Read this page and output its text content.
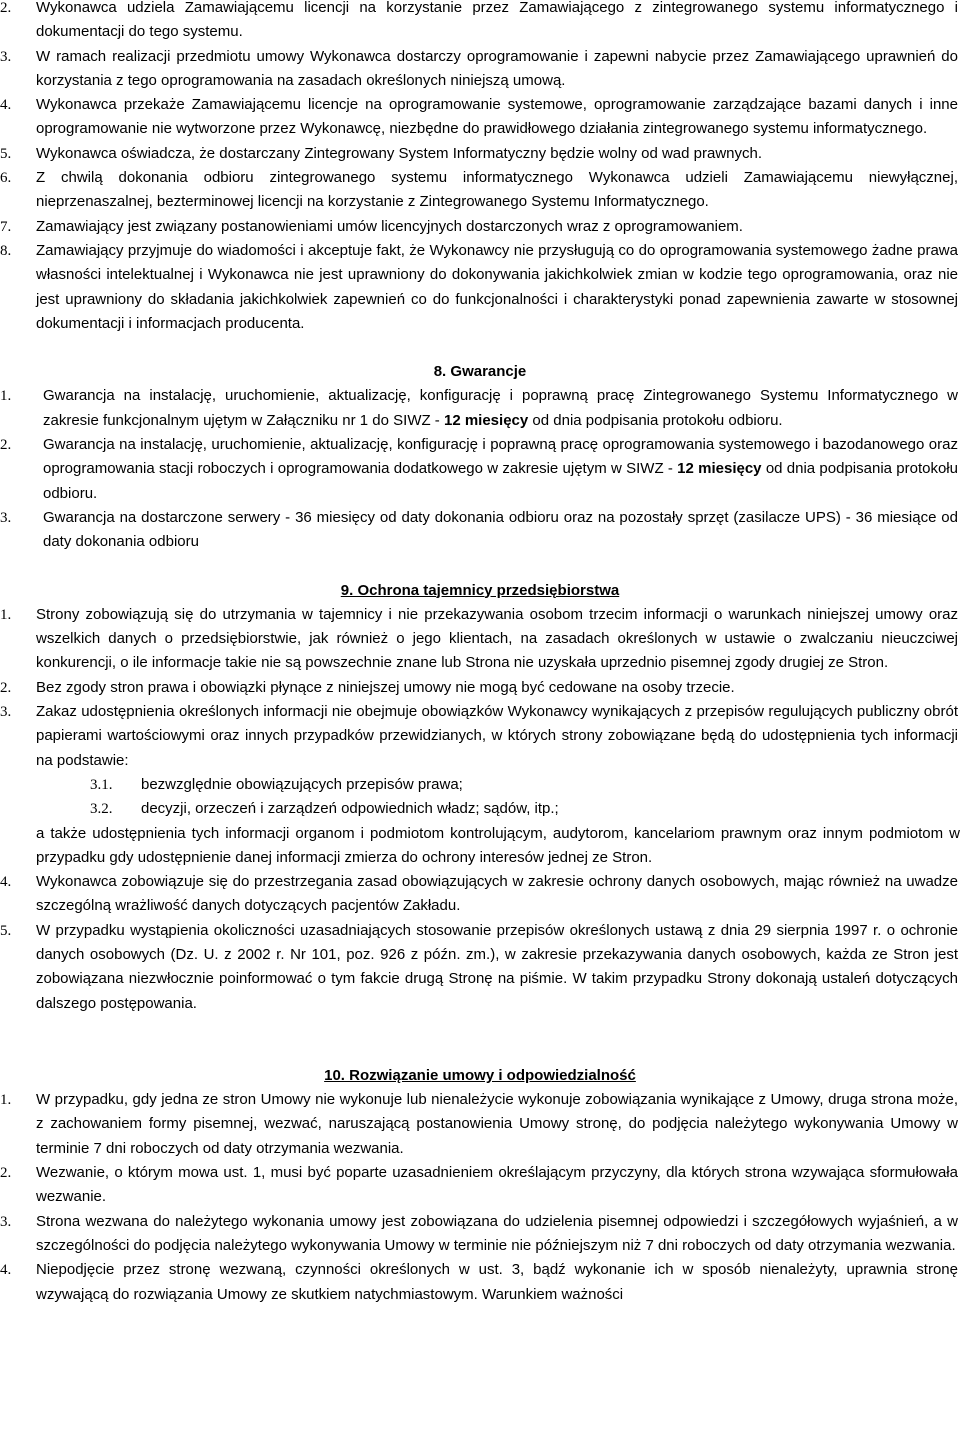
2. Wykonawca udziela Zamawiającemu licencji na korzystanie przez Zamawiającego z zintegrowanego systemu informatycznego i dokumentacji do tego systemu.
3. W ramach realizacji przedmiotu umowy Wykonawca dostarczy oprogramowanie i zapewni nabycie przez Zamawiającego uprawnień do korzystania z tego oprogramowania na zasadach określonych niniejszą umową.
4. Wykonawca przekaże Zamawiającemu licencje na oprogramowanie systemowe, oprogramowanie zarządzające bazami danych i inne oprogramowanie nie wytworzone przez Wykonawcę, niezbędne do prawidłowego działania zintegrowanego systemu informatycznego.
5. Wykonawca oświadcza, że dostarczany Zintegrowany System Informatyczny będzie wolny od wad prawnych.
6. Z chwilą dokonania odbioru zintegrowanego systemu informatycznego Wykonawca udzieli Zamawiającemu niewyłącznej, nieprzenaszalnej, bezterminowej licencji na korzystanie z Zintegrowanego Systemu Informatycznego.
7. Zamawiający jest związany postanowieniami umów licencyjnych dostarczonych wraz z oprogramowaniem.
8. Zamawiający przyjmuje do wiadomości i akceptuje fakt, że Wykonawcy nie przysługują co do oprogramowania systemowego żadne prawa własności intelektualnej i Wykonawca nie jest uprawniony do dokonywania jakichkolwiek zmian w kodzie tego oprogramowania, oraz nie jest uprawniony do składania jakichkolwiek zapewnień co do funkcjonalności i charakterystyki ponad zapewnienia zawarte w stosownej dokumentacji i informacjach producenta.

8. Gwarancje

1. Gwarancja na instalację, uruchomienie, aktualizację, konfigurację i poprawną pracę Zintegrowanego Systemu Informatycznego w zakresie funkcjonalnym ujętym w Załączniku nr 1 do SIWZ - 12 miesięcy od dnia podpisania protokołu odbioru.
2. Gwarancja na instalację, uruchomienie, aktualizację, konfigurację i poprawną pracę oprogramowania systemowego i bazodanowego oraz oprogramowania stacji roboczych i oprogramowania dodatkowego w zakresie ujętym w SIWZ - 12 miesięcy od dnia podpisania protokołu odbioru.
3. Gwarancja na dostarczone serwery - 36 miesięcy od daty dokonania odbioru oraz na pozostały sprzęt (zasilacze UPS) - 36 miesiące od daty dokonania odbioru

9. Ochrona tajemnicy przedsiębiorstwa

1. Strony zobowiązują się do utrzymania w tajemnicy i nie przekazywania osobom trzecim informacji o warunkach niniejszej umowy oraz wszelkich danych o przedsiębiorstwie, jak również o jego klientach, na zasadach określonych w ustawie o zwalczaniu nieuczciwej konkurencji, o ile informacje takie nie są powszechnie znane lub Strona nie uzyskała uprzednio pisemnej zgody drugiej ze Stron.
2. Bez zgody stron prawa i obowiązki płynące z niniejszej umowy nie mogą być cedowane na osoby trzecie.
3. Zakaz udostępnienia określonych informacji nie obejmuje obowiązków Wykonawcy wynikających z przepisów regulujących publiczny obrót papierami wartościowymi oraz innych przypadków przewidzianych, w których strony zobowiązane będą do udostępnienia tych informacji na podstawie:
3.1. bezwzględnie obowiązujących przepisów prawa;
3.2. decyzji, orzeczeń i zarządzeń odpowiednich władz; sądów, itp.;
a także udostępnienia tych informacji organom i podmiotom kontrolującym, audytorom, kancelariom prawnym oraz innym podmiotom w przypadku gdy udostępnienie danej informacji zmierza do ochrony interesów jednej ze Stron.
4. Wykonawca zobowiązuje się do przestrzegania zasad obowiązujących w zakresie ochrony danych osobowych, mając również na uwadze szczególną wrażliwość danych dotyczących pacjentów Zakładu.
5. W przypadku wystąpienia okoliczności uzasadniających stosowanie przepisów określonych ustawą z dnia 29 sierpnia 1997 r. o ochronie danych osobowych (Dz. U. z 2002 r. Nr 101, poz. 926 z późn. zm.), w zakresie przekazywania danych osobowych, każda ze Stron jest zobowiązana niezwłocznie poinformować o tym fakcie drugą Stronę na piśmie. W takim przypadku Strony dokonają ustaleń dotyczących dalszego postępowania.

10. Rozwiązanie umowy i odpowiedzialność

1. W przypadku, gdy jedna ze stron Umowy nie wykonuje lub nienależycie wykonuje zobowiązania wynikające z Umowy, druga strona może, z zachowaniem formy pisemnej, wezwać, naruszającą postanowienia Umowy stronę, do podjęcia należytego wykonywania Umowy w terminie 7 dni roboczych od daty otrzymania wezwania.
2. Wezwanie, o którym mowa ust. 1, musi być poparte uzasadnieniem określającym przyczyny, dla których strona wzywająca sformułowała wezwanie.
3. Strona wezwana do należytego wykonania umowy jest zobowiązana do udzielenia pisemnej odpowiedzi i szczegółowych wyjaśnień, a w szczególności do podjęcia należytego wykonywania Umowy w terminie nie późniejszym niż 7 dni roboczych od daty otrzymania wezwania.
4. Niepodjęcie przez stronę wezwaną, czynności określonych w ust. 3, bądź wykonanie ich w sposób nienależyty, uprawnia stronę wzywającą do rozwiązania Umowy ze skutkiem natychmiastowym. Warunkiem ważności
